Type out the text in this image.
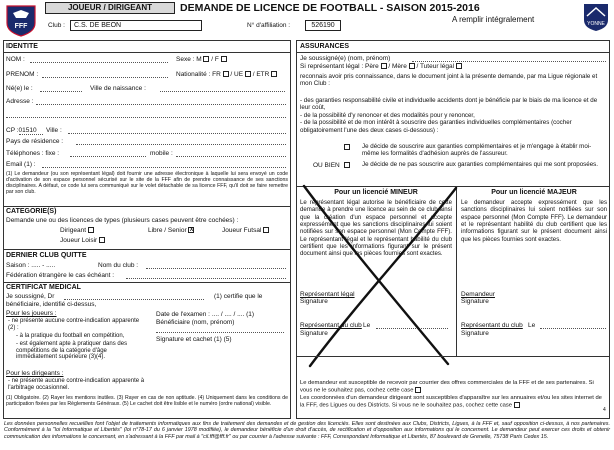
FFF
JOUEUR / DIRIGEANT	DEMANDE DE LICENCE DE FOOTBALL - SAISON 2015-2016
A remplir intégralement	YONNE
Club :	C.S. DE BEON	N° d'affiliation :	526190
IDENTITE
NOM :	Sexe : M / F
PRENOM :	Nationalité : FR / UE / ETR
Né(e) le :	Ville de naissance :
Adresse :
CP :01510	Ville :
Pays de résidence :
Téléphones : fixe :	mobile :
Email (1) :
(1) Le demandeur (ou son représentant légal) doit fournir une adresse électronique à laquelle lui sera envoyé un code d'activation de son espace personnel sécurisé sur le site de la FFF afin de prendre connaissance de ses sanctions disciplinaires. A défaut, ce code lui sera communiqué sur le volet détachable de sa licence FFF, qu'il doit se faire remettre par son club.
CATEGORIE(S)
Demande une ou des licences de types (plusieurs cases peuvent être cochées) :
Dirigeant	Libre / Senior X	Joueur Futsal
Joueur Loisir
DERNIER CLUB QUITTE
Saison : ..... - .....	Nom du club :
Fédération étrangère le cas échéant :
CERTIFICAT MEDICAL
Je soussigné, Dr	(1) certifie que le
bénéficiaire, identifié ci-dessus,
Pour les joueurs :
- ne présente aucune contre-indication apparente (2) :
- à la pratique du football en compétition,
- est également apte à pratiquer dans des compétitions de la catégorie d'âge immédiatement supérieure (3)(4).
Pour les dirigeants :
- ne présente aucune contre-indication apparente à l'arbitrage occasionnel.
Date de l'examen : .... / .... / .... (1)
Bénéficiaire (nom, prénom)
Signature et cachet (1) (5)
(1) Obligatoire. (2) Rayer les mentions inutiles. (3) Rayer en cas de non aptitude. (4) Uniquement dans les conditions de participation fixées par les Règlements Généraux. (5) Le cachet doit être lisible et le numéro (ordre national) visible.
ASSURANCES
Je soussigné(e) (nom, prénom)
Si représentant légal : Père / Mère / Tuteur légal
reconnais avoir pris connaissance, dans le document joint à la présente demande, par ma Ligue régionale et mon Club :
- des garanties responsabilité civile et individuelle accidents dont je bénéficie par le biais de ma licence et de leur coût,
- de la possibilité d'y renoncer et des modalités pour y renoncer,
- de la possibilité et de mon intérêt à souscrire des garanties individuelles complémentaires (cocher obligatoirement l'une des deux cases ci-dessous) :
Je décide de souscrire aux garanties complémentaires et je m'engage à établir moi-même les formalités d'adhésion auprès de l'assureur.
OU BIEN	Je décide de ne pas souscrire aux garanties complémentaires qui me sont proposées.
Pour un licencié MINEUR
Le représentant légal autorise le bénéficiaire de cette demande à prendre une licence au sein de ce club ainsi que la création d'un espace personnel et accepte expressément que les sanctions disciplinaires lui soient notifiées sur son espace personnel (Mon Compte FFF). Le représentant légal et le représentant habilité du club certifient que les informations figurant sur le présent document ainsi que les pièces fournies sont exactes.
Représentant légal
Signature
Représentant du club Le
Signature
Pour un licencié MAJEUR
Le demandeur accepte expressément que les sanctions disciplinaires lui soient notifiées sur son espace personnel (Mon Compte FFF). Le demandeur et le représentant habilité du club certifient que les informations figurant sur le présent document ainsi que les pièces fournies sont exactes.
Demandeur
Signature
Représentant du club Le
Signature
Le demandeur est susceptible de recevoir par courrier des offres commerciales de la FFF et de ses partenaires. Si vous ne le souhaitez pas, cochez cette case
Les coordonnées d'un demandeur dirigeant sont susceptibles d'apparaître sur les annuaires et/ou les sites internet de la FFF, des Ligues ou des Districts. Si vous ne le souhaitez pas, cochez cette case
Les données personnelles recueillies font l'objet de traitements informatiques aux fins de traitement des demandes et de gestion des licenciés. Elles sont destinées aux Clubs, Districts, Ligues, à la FFF et, sauf opposition ci-dessus, à nos partenaires. Conformément à la "loi Informatique et Libertés" (loi n°78-17 du 6 janvier 1978 modifiée), le demandeur bénéficie d'un droit d'accès, de rectification et d'opposition aux informations qui le concernent. Le demandeur peut exercer ces droits et obtenir communication des informations le concernant, en s'adressant à la FFF par mail à "cil.fff@fff.fr" ou par courrier à l'adresse suivante : FFF, Correspondant Informatique et Libertés, 87 boulevard de Grenelle, 75738 Paris Cedex 15.
4
